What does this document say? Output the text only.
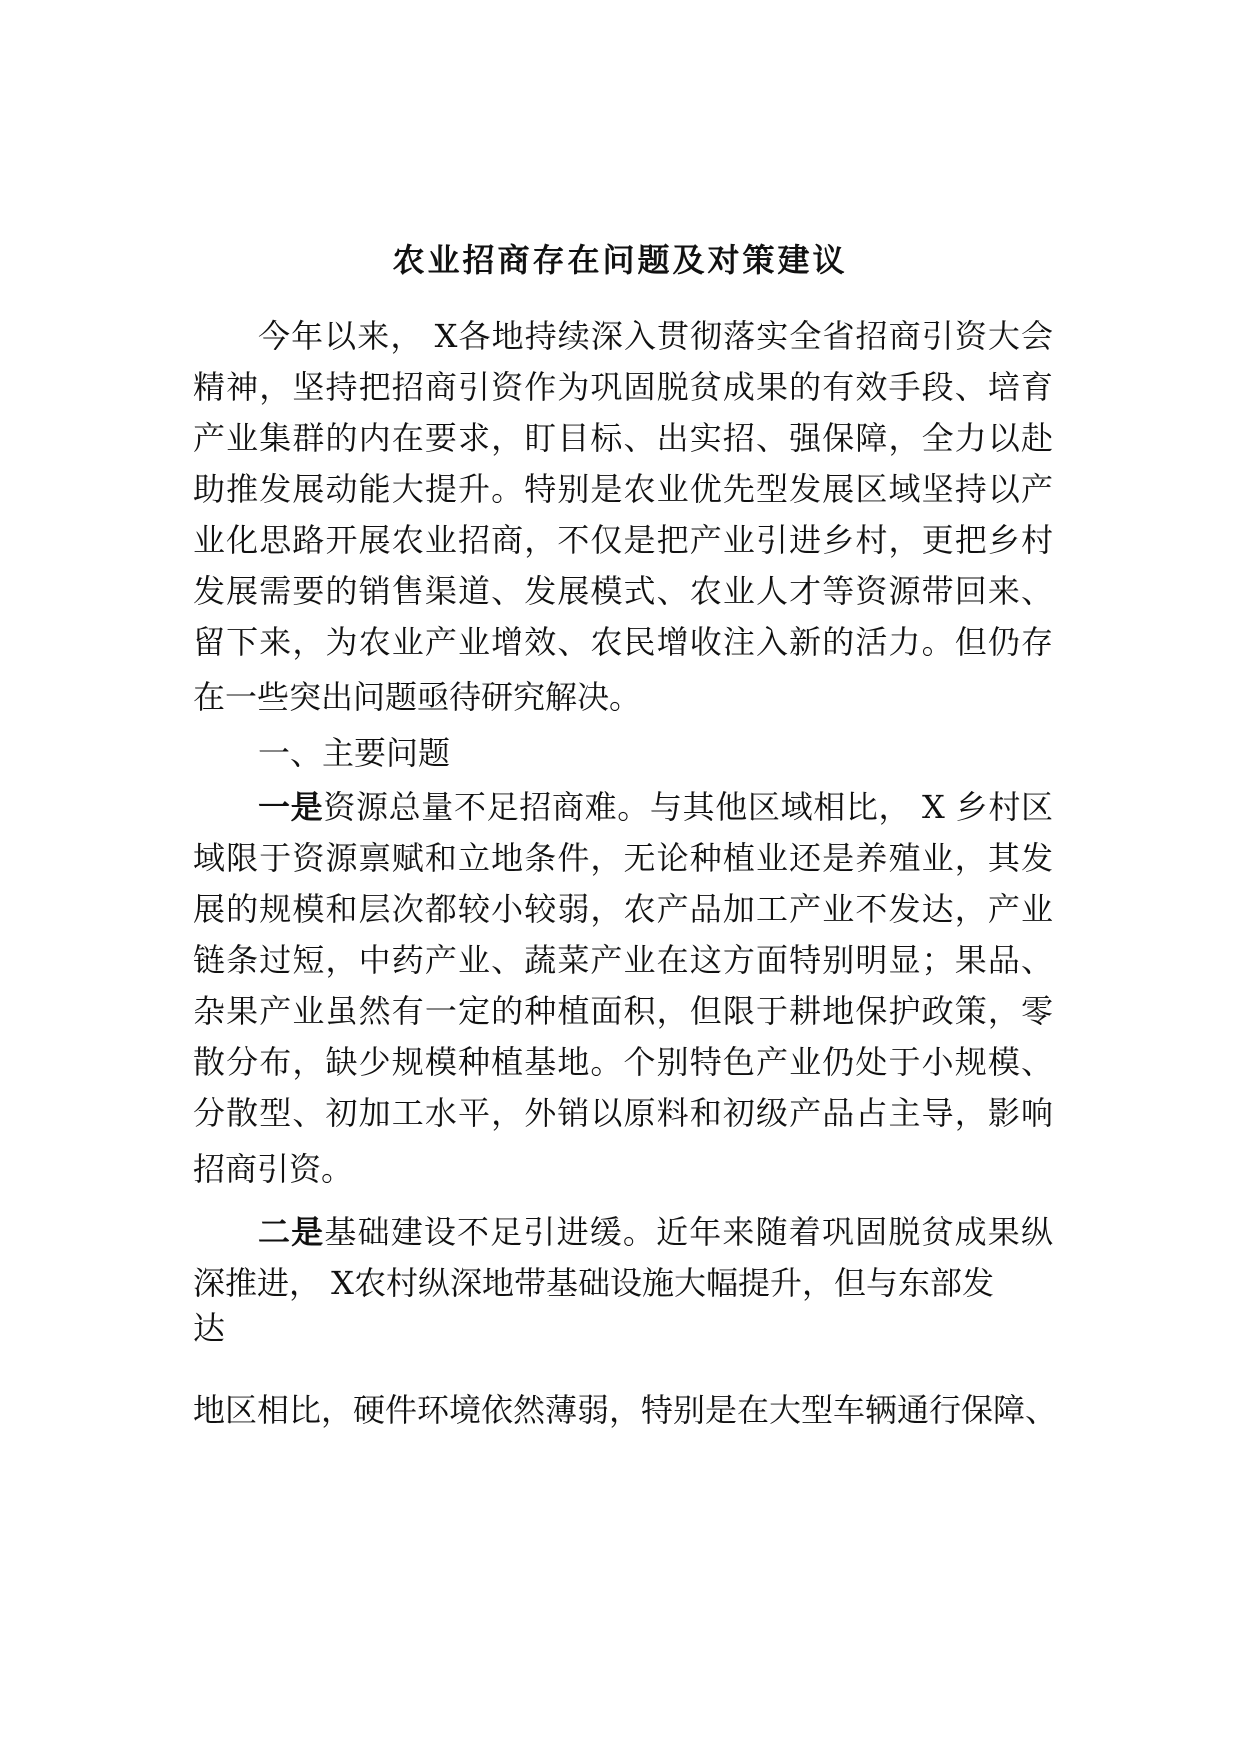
农业招商存在问题及对策建议
今年以来， X各地持续深入贯彻落实全省招商引资大会
精神，坚持把招商引资作为巩固脱贫成果的有效手段、培育
产业集群的内在要求，盯目标、出实招、强保障，全力以赴
助推发展动能大提升。特别是农业优先型发展区域坚持以产
业化思路开展农业招商，不仅是把产业引进乡村，更把乡村
发展需要的销售渠道、发展模式、农业人才等资源带回来、
留下来，为农业产业增效、农民增收注入新的活力。但仍存
在一些突出问题亟待研究解决。
一、主要问题
一是资源总量不足招商难。与其他区域相比， X 乡村区
域限于资源禀赋和立地条件，无论种植业还是养殖业，其发
展的规模和层次都较小较弱，农产品加工产业不发达，产业
链条过短，中药产业、蔬菜产业在这方面特别明显；果品、
杂果产业虽然有一定的种植面积，但限于耕地保护政策，零
散分布，缺少规模种植基地。个别特色产业仍处于小规模、
分散型、初加工水平，外销以原料和初级产品占主导，影响
招商引资。
二是基础建设不足引进缓。近年来随着巩固脱贫成果纵
深推进， X农村纵深地带基础设施大幅提升，但与东部发
达
地区相比，硬件环境依然薄弱，特别是在大型车辆通行保障、
